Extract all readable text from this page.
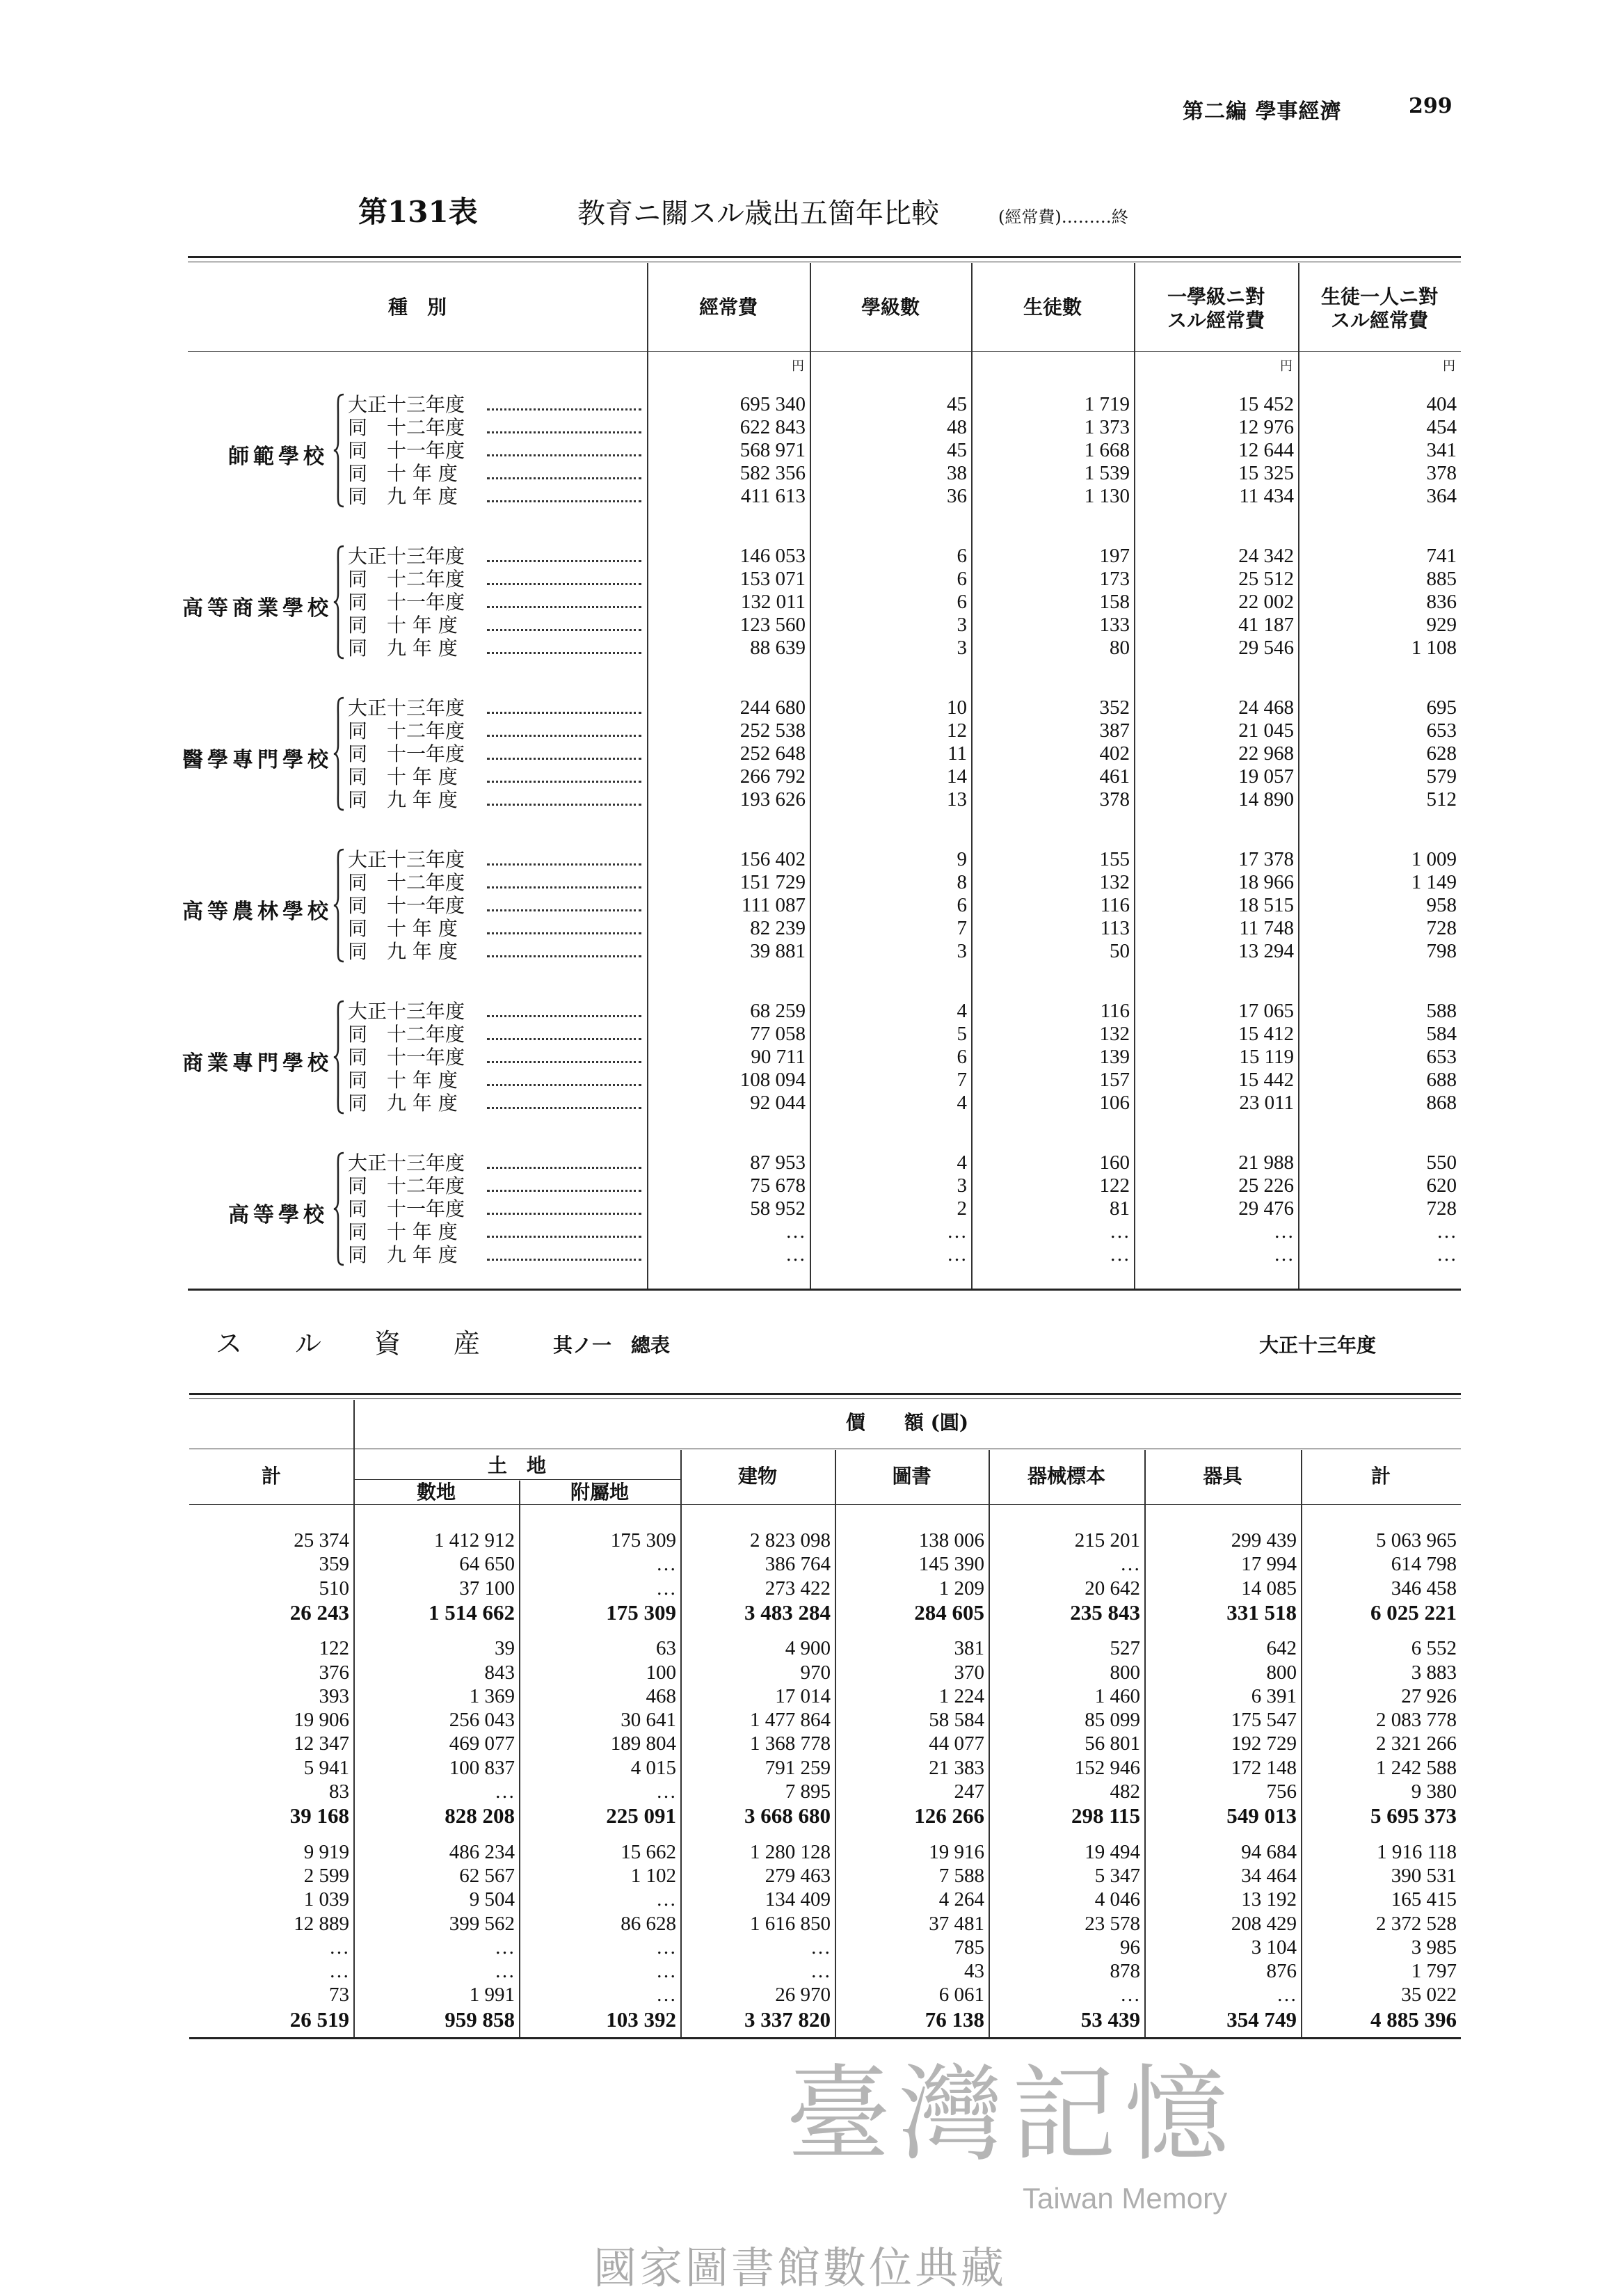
第二編 學事經濟	299
第131表	教育ニ關スル歳出五箇年比較	(經常費)………終
種　別	經常費	學級數	生徒數	一學級ニ對
スル經常費
生徒一人ニ對
スル經常費
円	円	円
師範學校
大正十三年度	695 340	45	1 719	15 452	404
同　十二年度	622 843	48	1 373	12 976	454
同　十一年度	568 971	45	1 668	12 644	341
同　十 年 度	582 356	38	1 539	15 325	378
同　九 年 度	411 613	36	1 130	11 434	364
高等商業學校
大正十三年度	146 053	6	197	24 342	741
同　十二年度	153 071	6	173	25 512	885
同　十一年度	132 011	6	158	22 002	836
同　十 年 度	123 560	3	133	41 187	929
同　九 年 度	88 639	3	80	29 546	1 108
醫學專門學校
大正十三年度	244 680	10	352	24 468	695
同　十二年度	252 538	12	387	21 045	653
同　十一年度	252 648	11	402	22 968	628
同　十 年 度	266 792	14	461	19 057	579
同　九 年 度	193 626	13	378	14 890	512
高等農林學校
大正十三年度	156 402	9	155	17 378	1 009
同　十二年度	151 729	8	132	18 966	1 149
同　十一年度	111 087	6	116	18 515	958
同　十 年 度	82 239	7	113	11 748	728
同　九 年 度	39 881	3	50	13 294	798
商業專門學校
大正十三年度	68 259	4	116	17 065	588
同　十二年度	77 058	5	132	15 412	584
同　十一年度	90 711	6	139	15 119	653
同　十 年 度	108 094	7	157	15 442	688
同　九 年 度	92 044	4	106	23 011	868
高等學校
大正十三年度	87 953	4	160	21 988	550
同　十二年度	75 678	3	122	25 226	620
同　十一年度	58 952	2	81	29 476	728
同　十 年 度	…	…	…	…	…
同　九 年 度	…	…	…	…	…
ス　　ル　　資　　産	其ノ一　總表	大正十三年度
價　　額 (圓)
土　地
計
數地	附屬地
建物	圖書	器械標本	器具	計
25 374	1 412 912	175 309	2 823 098	138 006	215 201	299 439	5 063 965
359	64 650	…	386 764	145 390	…	17 994	614 798
510	37 100	…	273 422	1 209	20 642	14 085	346 458
26 243	1 514 662	175 309	3 483 284	284 605	235 843	331 518	6 025 221
122	39	63	4 900	381	527	642	6 552
376	843	100	970	370	800	800	3 883
393	1 369	468	17 014	1 224	1 460	6 391	27 926
19 906	256 043	30 641	1 477 864	58 584	85 099	175 547	2 083 778
12 347	469 077	189 804	1 368 778	44 077	56 801	192 729	2 321 266
5 941	100 837	4 015	791 259	21 383	152 946	172 148	1 242 588
83	…	…	7 895	247	482	756	9 380
39 168	828 208	225 091	3 668 680	126 266	298 115	549 013	5 695 373
9 919	486 234	15 662	1 280 128	19 916	19 494	94 684	1 916 118
2 599	62 567	1 102	279 463	7 588	5 347	34 464	390 531
1 039	9 504	…	134 409	4 264	4 046	13 192	165 415
12 889	399 562	86 628	1 616 850	37 481	23 578	208 429	2 372 528
…	…	…	…	785	96	3 104	3 985
…	…	…	…	43	878	876	1 797
73	1 991	…	26 970	6 061	…	…	35 022
26 519	959 858	103 392	3 337 820	76 138	53 439	354 749	4 885 396
臺灣記憶
Taiwan Memory
國家圖書館數位典藏
